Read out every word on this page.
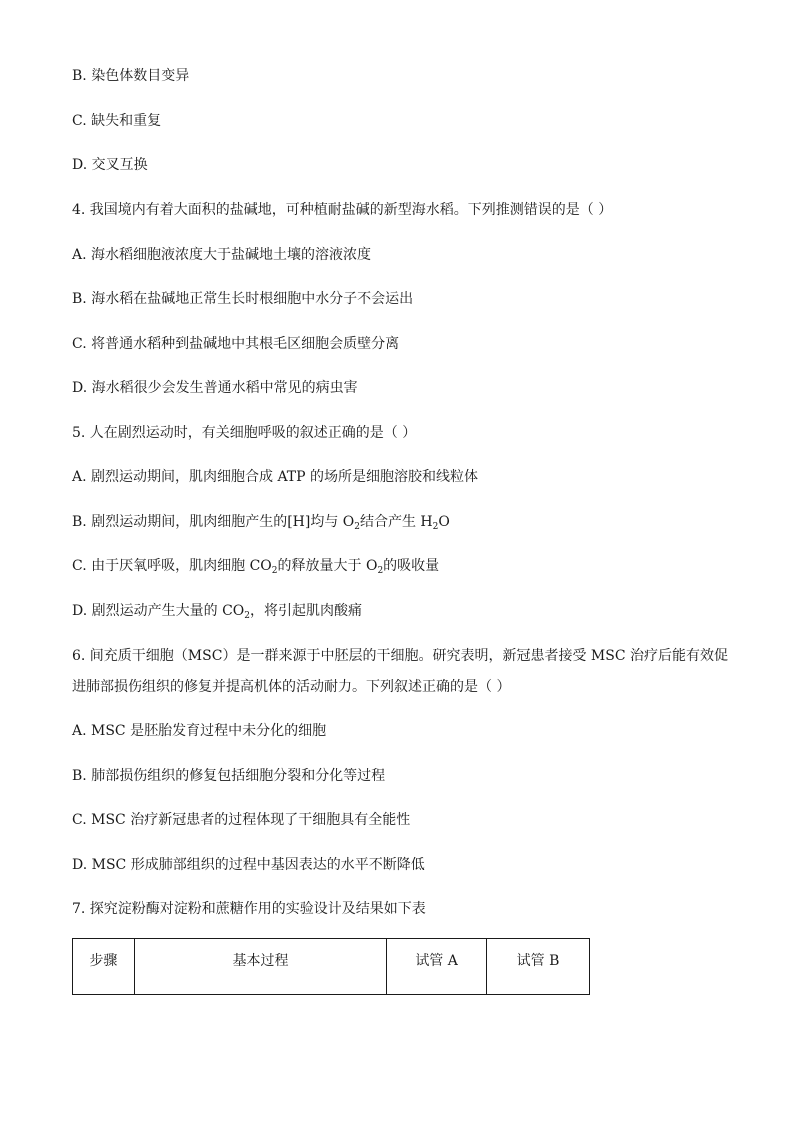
B. 染色体数目变异
C. 缺失和重复
D. 交叉互换
4. 我国境内有着大面积的盐碱地，可种植耐盐碱的新型海水稻。下列推测错误的是（ ）
A. 海水稻细胞液浓度大于盐碱地土壤的溶液浓度
B. 海水稻在盐碱地正常生长时根细胞中水分子不会运出
C. 将普通水稻种到盐碱地中其根毛区细胞会质壁分离
D. 海水稻很少会发生普通水稻中常见的病虫害
5. 人在剧烈运动时，有关细胞呼吸的叙述正确的是（ ）
A. 剧烈运动期间，肌肉细胞合成 ATP 的场所是细胞溶胶和线粒体
B. 剧烈运动期间，肌肉细胞产生的[H]均与 $O_2$结合产生 $H_2O$
C. 由于厌氧呼吸，肌肉细胞 $CO_2$的释放量大于 $O_2$的吸收量
D. 剧烈运动产生大量的 $CO_2$，将引起肌肉酸痛
6. 间充质干细胞（MSC）是一群来源于中胚层的干细胞。研究表明，新冠患者接受 MSC 治疗后能有效促
进肺部损伤组织的修复并提高机体的活动耐力。下列叙述正确的是（ ）
A. MSC 是胚胎发育过程中未分化的细胞
B. 肺部损伤组织的修复包括细胞分裂和分化等过程
C. MSC 治疗新冠患者的过程体现了干细胞具有全能性
D. MSC 形成肺部组织的过程中基因表达的水平不断降低
7. 探究淀粉酶对淀粉和蔗糖作用的实验设计及结果如下表
步骤	基本过程	试管 A	试管 B
